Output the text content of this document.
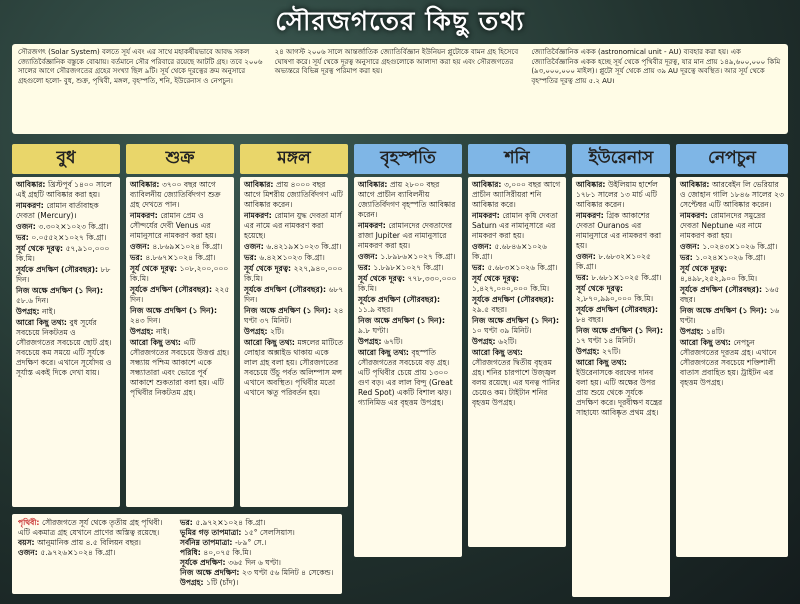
সৌরজগতের কিছু তথ্য

সৌরজগৎ (Solar System) বলতে সূর্য এবং এর সাথে মহাকর্ষীয়ভাবে আবদ্ধ সকল জ্যোতির্বৈজ্ঞানিক বস্তুকে বোঝায়। বর্তমানে সৌর পরিবারে রয়েছে আটটি গ্রহ। তবে ২০০৬ সালের আগে সৌরজগতের গ্রহের সংখ্যা ছিল ৯টি। সূর্য থেকে দূরত্বের ক্রম অনুসারে গ্রহগুলো হলো- বুধ, শুক্র, পৃথিবী, মঙ্গল, বৃহস্পতি, শনি, ইউরেনাস ও নেপচুন।

২৪ আগস্ট ২০০৬ সালে আন্তর্জাতিক জ্যোতির্বিজ্ঞান ইউনিয়ন প্লুটোকে বামন গ্রহ হিসেবে ঘোষণা করে। সূর্য থেকে দূরত্ব অনুসারে গ্রহগুলোকে আলাদা করা হয় এবং সৌরজগতের অভ্যন্তরে বিভিন্ন দূরত্ব পরিমাপ করা হয়।

জ্যোতির্বৈজ্ঞানিক একক (astronomical unit - AU) ব্যবহার করা হয়। এক জ্যোতির্বৈজ্ঞানিক একক হচ্ছে সূর্য থেকে পৃথিবীর দূরত্ব, যার মান প্রায় ১৪৯,৬০০,০০০ কিমি (৯৩,০০০,০০০ মাইল)। প্লুটো সূর্য থেকে প্রায় ৩৯ AU দূরত্বে অবস্থিত। আর সূর্য থেকে বৃহস্পতির দূরত্ব প্রায় ৫.২ AU।

বুধ
আবিষ্কার: খ্রিস্টপূর্ব ১৪০০ সালে এই গ্রহটি আবিষ্কার করা হয়।
নামকরণ: রোমান বার্তাবাহক দেবতা (Mercury)।
ওজন: ৩.৩০২×১০২৩ কি.গ্রা।
ভর: ০.০৫৫২×১০২৭ কি.গ্রা।
সূর্য থেকে দূরত্ব: ৫৭,৯১০,০০০ কি.মি।
সূর্যকে প্রদক্ষিণ (সৌরবছর): ৮৮ দিন।
নিজ অক্ষে প্রদক্ষিণ (১ দিন): ৫৮.৬ দিন।
উপগ্রহ: নাই।
আরো কিছু তথ্য: বুধ সূর্যের সবচেয়ে নিকটতম ও সৌরজগতের সবচেয়ে ছোট গ্রহ। সবচেয়ে কম সময়ে এটি সূর্যকে প্রদক্ষিণ করে। এখানে সূর্যোদয় ও সূর্যাস্ত একই দিকে দেখা যায়।
শুক্র
আবিষ্কার: ৩৭০০ বছর আগে ব্যাবিলনীয় জ্যোতির্বিদগণ শুক্র গ্রহ দেখতে পান।
নামকরণ: রোমান প্রেম ও সৌন্দর্যের দেবী Venus এর নামানুসারে নামকরণ করা হয়।
ওজন: ৪.৮৬৯×১০২৪ কি.গ্রা।
ভর: ৪.৮৬৭×১০২৪ কি.গ্রা।
সূর্য থেকে দূরত্ব: ১০৮,২০০,০০০ কি.মি।
সূর্যকে প্রদক্ষিণ (সৌরবছর): ২২৫ দিন।
নিজ অক্ষে প্রদক্ষিণ (১ দিন): ২৪৩ দিন।
উপগ্রহ: নাই।
আরো কিছু তথ্য: এটি সৌরজগতের সবচেয়ে উত্তপ্ত গ্রহ। সন্ধ্যায় পশ্চিম আকাশে একে সন্ধ্যাতারা এবং ভোরে পূর্ব আকাশে শুকতারা বলা হয়। এটি পৃথিবীর নিকটতম গ্রহ।
মঙ্গল
আবিষ্কার: প্রায় ৪০০০ বছর আগে মিশরীয় জ্যোতির্বিদগণ এটি আবিষ্কার করেন।
নামকরণ: রোমান যুদ্ধ দেবতা মার্স এর নামে এর নামকরণ করা হয়েছে।
ওজন: ৬.৪২১৯×১০২৩ কি.গ্রা।
ভর: ৬.৪২×১০২৩ কি.গ্রা।
সূর্য থেকে দূরত্ব: ২২৭,৯৪০,০০০ কি.মি।
সূর্যকে প্রদক্ষিণ (সৌরবছর): ৬৮৭ দিন।
নিজ অক্ষে প্রদক্ষিণ (১ দিন): ২৪ ঘণ্টা ৩৭ মিনিট।
উপগ্রহ: ২টি।
আরো কিছু তথ্য: মঙ্গলের মাটিতে লোহার অক্সাইড থাকায় একে লাল গ্রহ বলা হয়। সৌরজগতের সবচেয়ে উঁচু পর্বত অলিম্পাস মন্স এখানে অবস্থিত। পৃথিবীর মতো এখানে ঋতু পরিবর্তন হয়।
বৃহস্পতি
আবিষ্কার: প্রায় ২৮০০ বছর আগে প্রাচীন ব্যাবিলনীয় জ্যোতির্বিদগণ বৃহস্পতি আবিষ্কার করেন।
নামকরণ: রোমানদের দেবতাদের রাজা Jupiter এর নামানুসারে নামকরণ করা হয়।
ওজন: ১.৮৯৮৬×১০২৭ কি.গ্রা।
ভর: ১.৮৯৮×১০২৭ কি.গ্রা।
সূর্য থেকে দূরত্ব: ৭৭৮,৩৩০,০০০ কি.মি।
সূর্যকে প্রদক্ষিণ (সৌরবছর): ১১.৯ বছর।
নিজ অক্ষে প্রদক্ষিণ (১ দিন): ৯.৮ ঘণ্টা।
উপগ্রহ: ৬৭টি।
আরো কিছু তথ্য: বৃহস্পতি সৌরজগতের সবচেয়ে বড় গ্রহ। এটি পৃথিবীর চেয়ে প্রায় ১৩০০ গুণ বড়। এর লাল বিন্দু (Great Red Spot) একটি বিশাল ঝড়। গ্যানিমিড এর বৃহত্তম উপগ্রহ।
শনি
আবিষ্কার: ৩,০০০ বছর আগে প্রাচীন অ্যাসিরীয়রা শনি আবিষ্কার করে।
নামকরণ: রোমান কৃষি দেবতা Saturn এর নামানুসারে এর নামকরণ করা হয়।
ওজন: ৫.৬৮৪৬×১০২৬ কি.গ্রা।
ভর: ৫.৬৮৩×১০২৬ কি.গ্রা।
সূর্য থেকে দূরত্ব: ১,৪২৭,০০০,০০০ কি.মি।
সূর্যকে প্রদক্ষিণ (সৌরবছর): ২৯.৫ বছর।
নিজ অক্ষে প্রদক্ষিণ (১ দিন): ১০ ঘণ্টা ৩৯ মিনিট।
উপগ্রহ: ৬২টি।
আরো কিছু তথ্য: সৌরজগতের দ্বিতীয় বৃহত্তম গ্রহ। শনির চারপাশে উজ্জ্বল বলয় রয়েছে। এর ঘনত্ব পানির চেয়েও কম। টাইটান শনির বৃহত্তম উপগ্রহ।
ইউরেনাস
আবিষ্কার: উইলিয়াম হার্শেল ১৭৮১ সালের ১৩ মার্চ এটি আবিষ্কার করেন।
নামকরণ: গ্রিক আকাশের দেবতা Ouranos এর নামানুসারে এর নামকরণ করা হয়।
ওজন: ৮.৬৮৩২×১০২৫ কি.গ্রা।
ভর: ৮.৬৮১×১০২৫ কি.গ্রা।
সূর্য থেকে দূরত্ব: ২,৮৭০,৯৯০,০০০ কি.মি।
সূর্যকে প্রদক্ষিণ (সৌরবছর): ৮৪ বছর।
নিজ অক্ষে প্রদক্ষিণ (১ দিন): ১৭ ঘণ্টা ১৪ মিনিট।
উপগ্রহ: ২৭টি।
আরো কিছু তথ্য: ইউরেনাসকে বরফের দানব বলা হয়। এটি অক্ষের উপর প্রায় শুয়ে থেকে সূর্যকে প্রদক্ষিণ করে। দূরবীক্ষণ যন্ত্রের সাহায্যে আবিষ্কৃত প্রথম গ্রহ।
নেপচুন
আবিষ্কার: আরবেইন লি ভেরিয়ার ও জোহান গালি ১৮৪৬ সালের ২৩ সেপ্টেম্বর এটি আবিষ্কার করেন।
নামকরণ: রোমানদের সমুদ্রের দেবতা Neptune এর নামে নামকরণ করা হয়।
ওজন: ১.০২৪৩×১০২৬ কি.গ্রা।
ভর: ১.০২৪×১০২৬ কি.গ্রা।
সূর্য থেকে দূরত্ব: ৪,৪৯৮,২৫২,৯০০ কি.মি।
সূর্যকে প্রদক্ষিণ (সৌরবছর): ১৬৫ বছর।
নিজ অক্ষে প্রদক্ষিণ (১ দিন): ১৬ ঘণ্টা।
উপগ্রহ: ১৪টি।
আরো কিছু তথ্য: নেপচুন সৌরজগতের দূরতম গ্রহ। এখানে সৌরজগতের সবচেয়ে শক্তিশালী বাতাস প্রবাহিত হয়। ট্রাইটন এর বৃহত্তম উপগ্রহ।
পৃথিবী: সৌরজগতে সূর্য থেকে তৃতীয় গ্রহ পৃথিবী। এটি একমাত্র গ্রহ যেখানে প্রাণের অস্তিত্ব রয়েছে।
বয়স: আনুমানিক প্রায় ৪.৫ বিলিয়ন বছর।
ওজন: ৫.৯৭২৬×১০২৪ কি.গ্রা।
ভর: ৫.৯৭২×১০২৪ কি.গ্রা।
ভূমির গড় তাপমাত্রা: ১৫° সেলসিয়াস।
সর্বনিম্ন তাপমাত্রা: -৮৯° সে.।
পরিধি: ৪০,০৭৫ কি.মি।
সূর্যকে প্রদক্ষিণ: ৩৬৫ দিন ৬ ঘণ্টা।
নিজ অক্ষে প্রদক্ষিণ: ২৩ ঘণ্টা ৫৬ মিনিট ৪ সেকেন্ড।
উপগ্রহ: ১টি (চাঁদ)।
